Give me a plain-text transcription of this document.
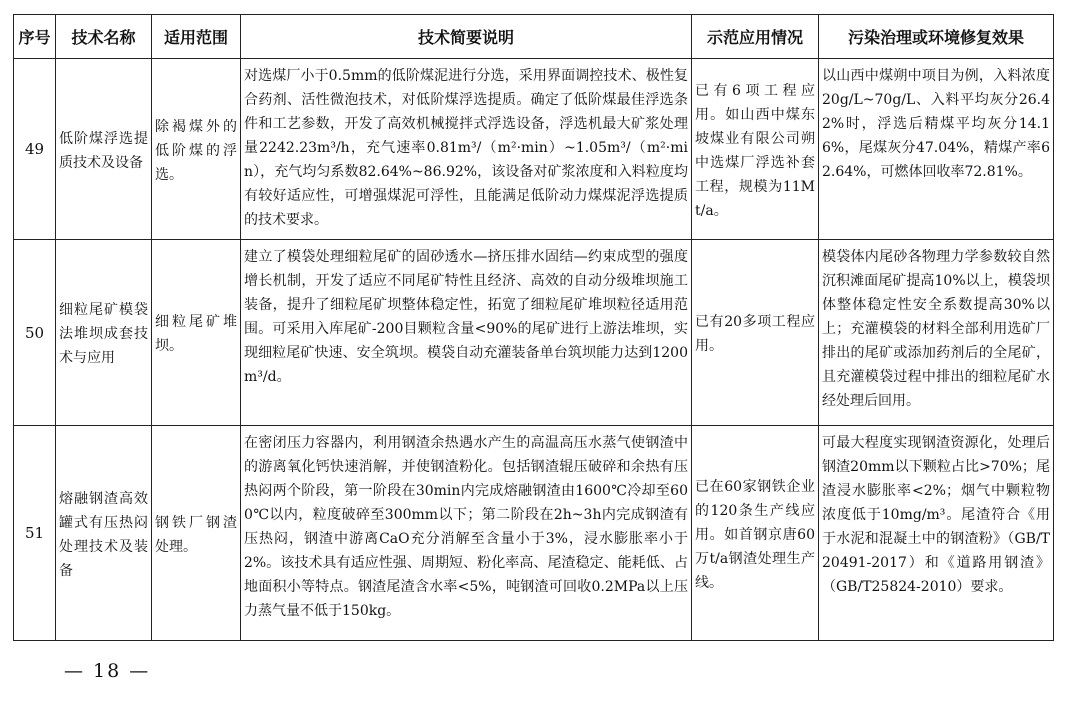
序号	技术名称	适用范围	技术简要说明	示范应用情况	污染治理或环境修复效果
49	低阶煤浮选提质技术及设备	除褐煤外的低阶煤的浮选。	对选煤厂小于0.5mm的低阶煤泥进行分选，采用界面调控技术、极性复合药剂、活性微泡技术，对低阶煤浮选提质。确定了低阶煤最佳浮选条件和工艺参数，开发了高效机械搅拌式浮选设备，浮选机最大矿浆处理量2242.23m³/h，充气速率0.81m³/（m²·min）~1.05m³/（m²·min），充气均匀系数82.64%~86.92%，该设备对矿浆浓度和入料粒度均有较好适应性，可增强煤泥可浮性，且能满足低阶动力煤煤泥浮选提质的技术要求。	已有6项工程应用。如山西中煤东坡煤业有限公司朔中选煤厂浮选补套工程，规模为11Mt/a。	以山西中煤朔中项目为例，入料浓度20g/L~70g/L、入料平均灰分26.42%时，浮选后精煤平均灰分14.16%，尾煤灰分47.04%，精煤产率62.64%，可燃体回收率72.81%。
50	细粒尾矿模袋法堆坝成套技术与应用	细粒尾矿堆坝。	建立了模袋处理细粒尾矿的固砂透水—挤压排水固结—约束成型的强度增长机制，开发了适应不同尾矿特性且经济、高效的自动分级堆坝施工装备，提升了细粒尾矿坝整体稳定性，拓宽了细粒尾矿堆坝粒径适用范围。可采用入库尾矿-200目颗粒含量<90%的尾矿进行上游法堆坝，实现细粒尾矿快速、安全筑坝。模袋自动充灌装备单台筑坝能力达到1200m³/d。	已有20多项工程应用。	模袋体内尾砂各物理力学参数较自然沉积滩面尾矿提高10%以上，模袋坝体整体稳定性安全系数提高30%以上；充灌模袋的材料全部利用选矿厂排出的尾矿或添加药剂后的全尾矿，且充灌模袋过程中排出的细粒尾矿水经处理后回用。
51	熔融钢渣高效罐式有压热闷处理技术及装备	钢铁厂钢渣处理。	在密闭压力容器内，利用钢渣余热遇水产生的高温高压水蒸气使钢渣中的游离氧化钙快速消解，并使钢渣粉化。包括钢渣辊压破碎和余热有压热闷两个阶段，第一阶段在30min内完成熔融钢渣由1600℃冷却至600℃以内，粒度破碎至300mm以下；第二阶段在2h~3h内完成钢渣有压热闷，钢渣中游离CaO充分消解至含量小于3%，浸水膨胀率小于2%。该技术具有适应性强、周期短、粉化率高、尾渣稳定、能耗低、占地面积小等特点。钢渣尾渣含水率<5%，吨钢渣可回收0.2MPa以上压力蒸气量不低于150kg。	已在60家钢铁企业的120条生产线应用。如首钢京唐60万t/a钢渣处理生产线。	可最大程度实现钢渣资源化，处理后钢渣20mm以下颗粒占比>70%；尾渣浸水膨胀率<2%；烟气中颗粒物浓度低于10mg/m³。尾渣符合《用于水泥和混凝土中的钢渣粉》（GB/T20491-2017）和《道路用钢渣》（GB/T25824-2010）要求。
— 18 —
